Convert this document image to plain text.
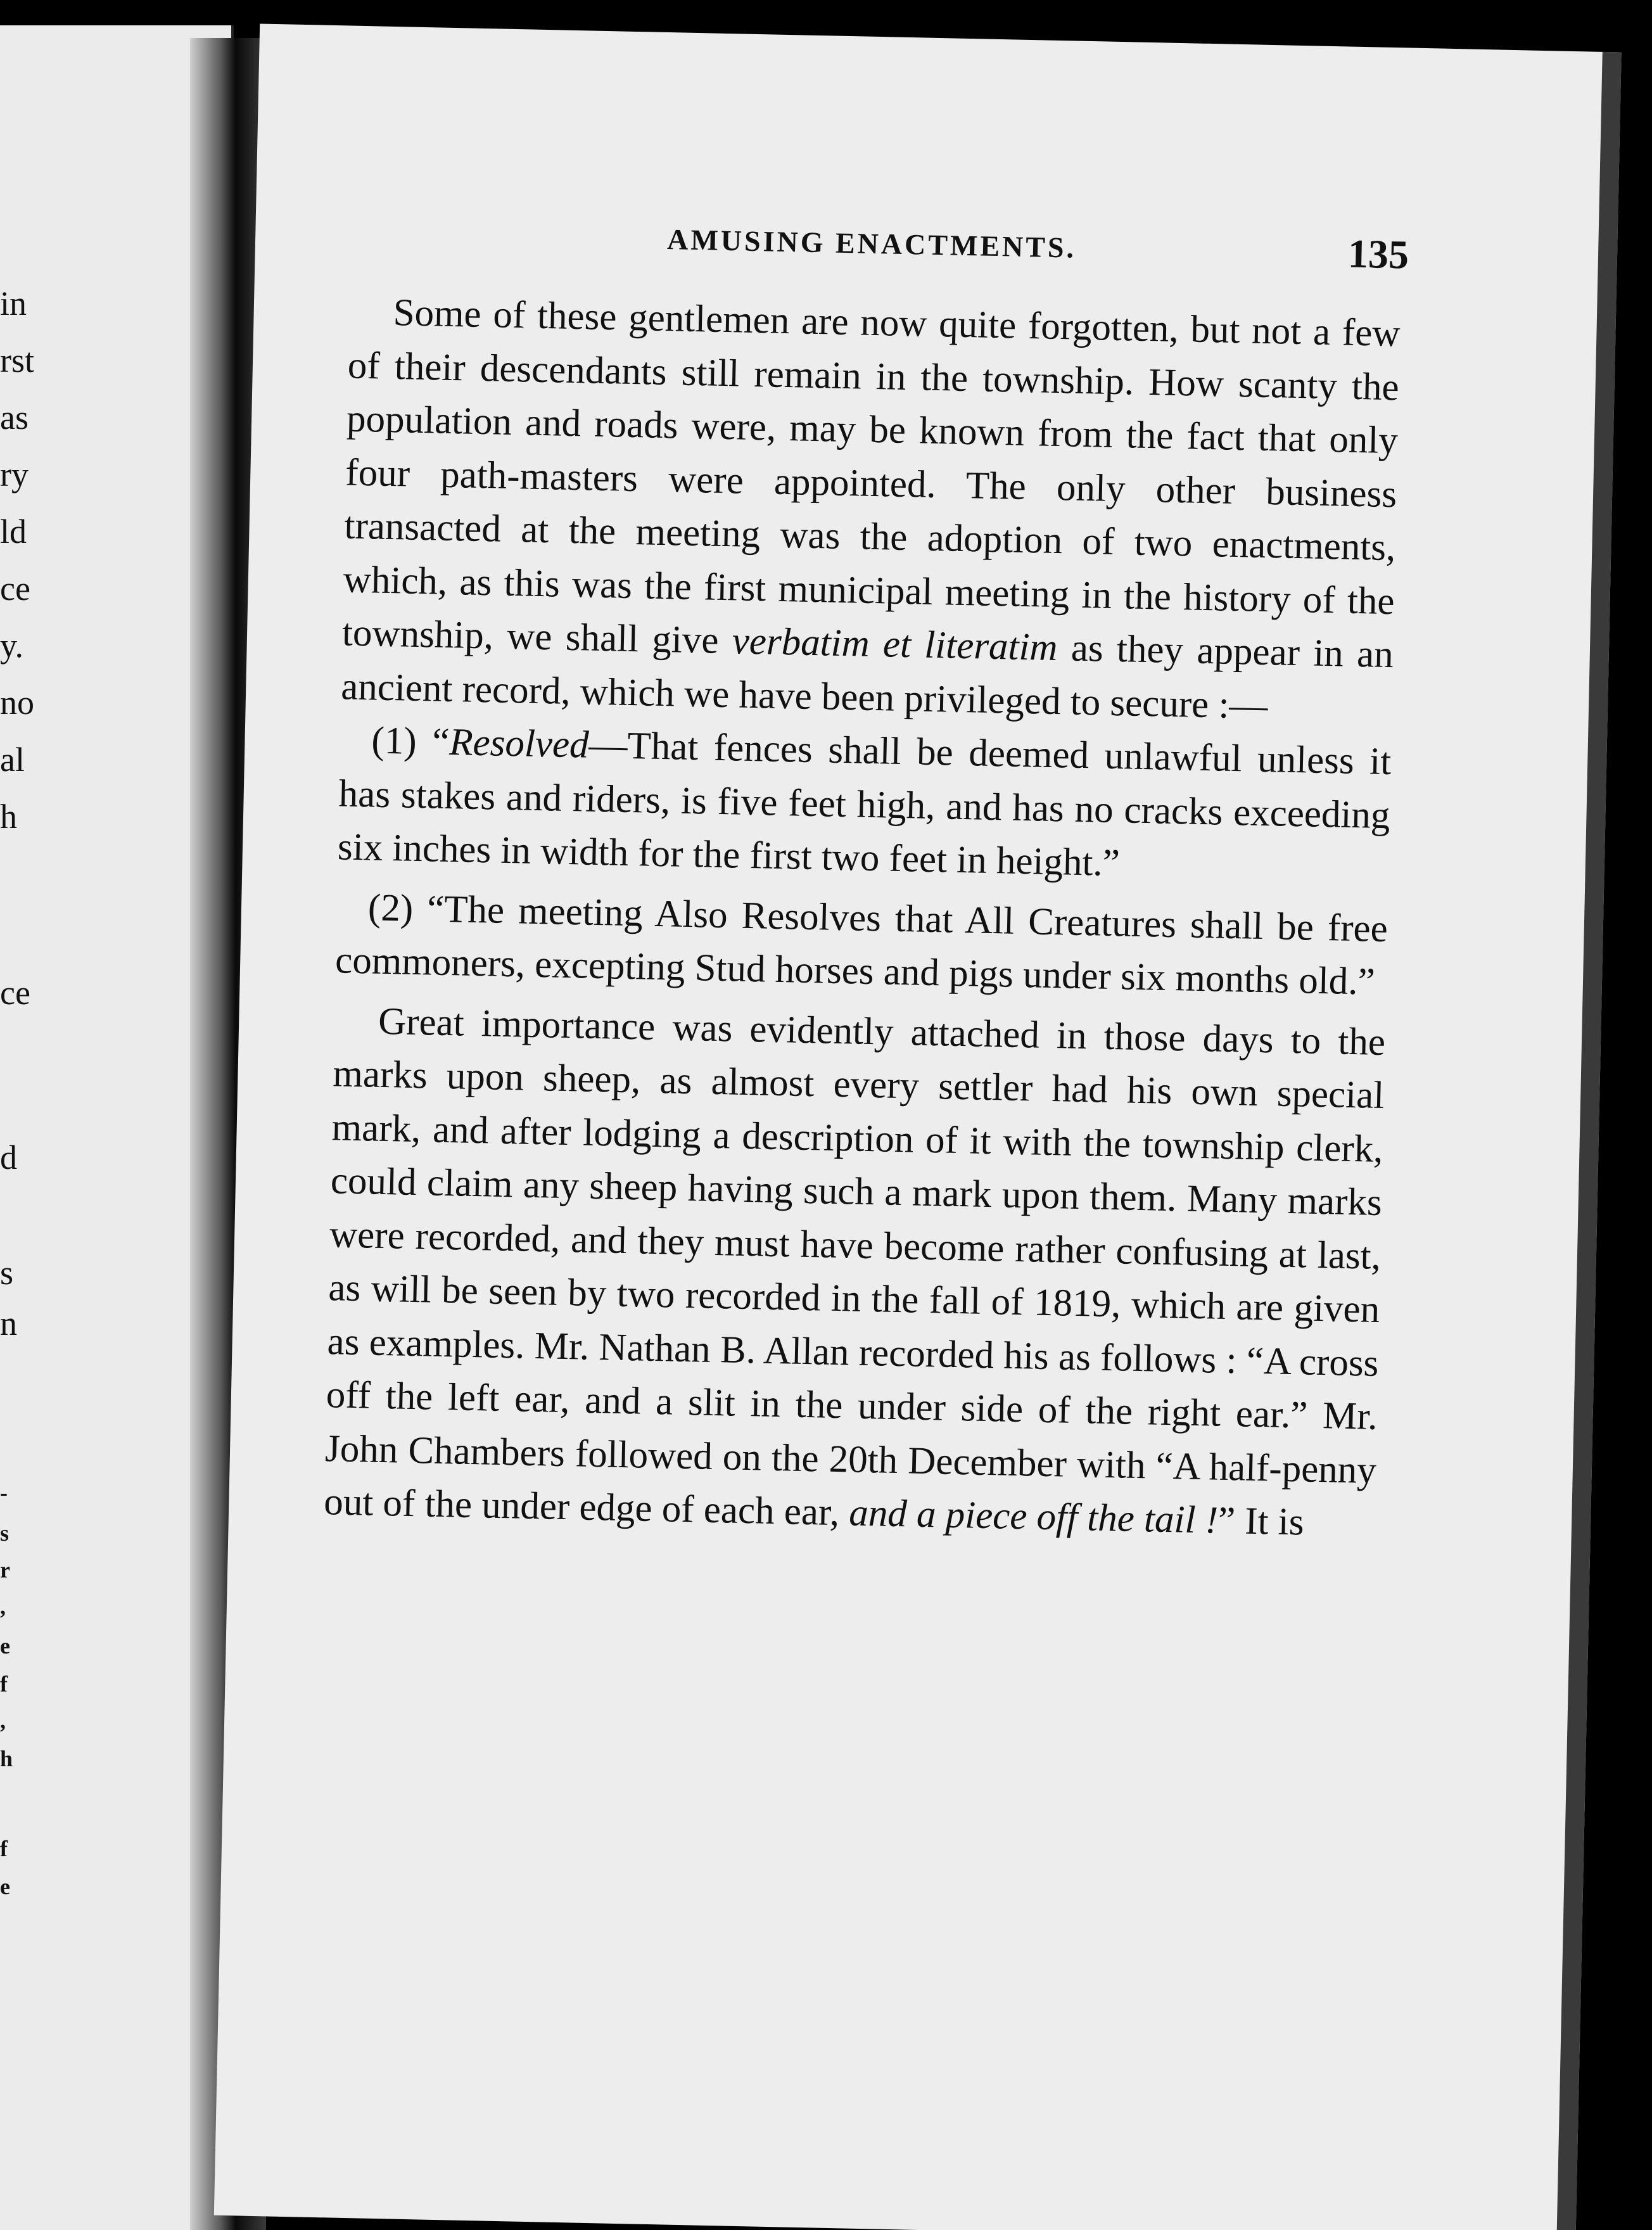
in
rst
as
ry
ld
ce
y.
no
al
h
ce
d
s
n
-
s
r
,
e
f
,
h
f
e
AMUSING ENACTMENTS.	135

Some of these gentlemen are now quite forgotten, but not a few of their descendants still remain in the township. How scanty the population and roads were, may be known from the fact that only four path-masters were appointed. The only other business transacted at the meeting was the adoption of two enactments, which, as this was the first municipal meeting in the history of the township, we shall give verbatim et literatim as they appear in an ancient record, which we have been privileged to secure :—

(1) “Resolved—That fences shall be deemed unlawful unless it has stakes and riders, is five feet high, and has no cracks exceeding six inches in width for the first two feet in height.”

(2) “The meeting Also Resolves that All Creatures shall be free commoners, excepting Stud horses and pigs under six months old.”

Great importance was evidently attached in those days to the marks upon sheep, as almost every settler had his own special mark, and after lodging a description of it with the township clerk, could claim any sheep having such a mark upon them. Many marks were recorded, and they must have become rather confusing at last, as will be seen by two recorded in the fall of 1819, which are given as examples. Mr. Nathan B. Allan recorded his as follows : “A cross off the left ear, and a slit in the under side of the right ear.” Mr. John Chambers followed on the 20th December with “A half-penny out of the under edge of each ear, and a piece off the tail !” It is
